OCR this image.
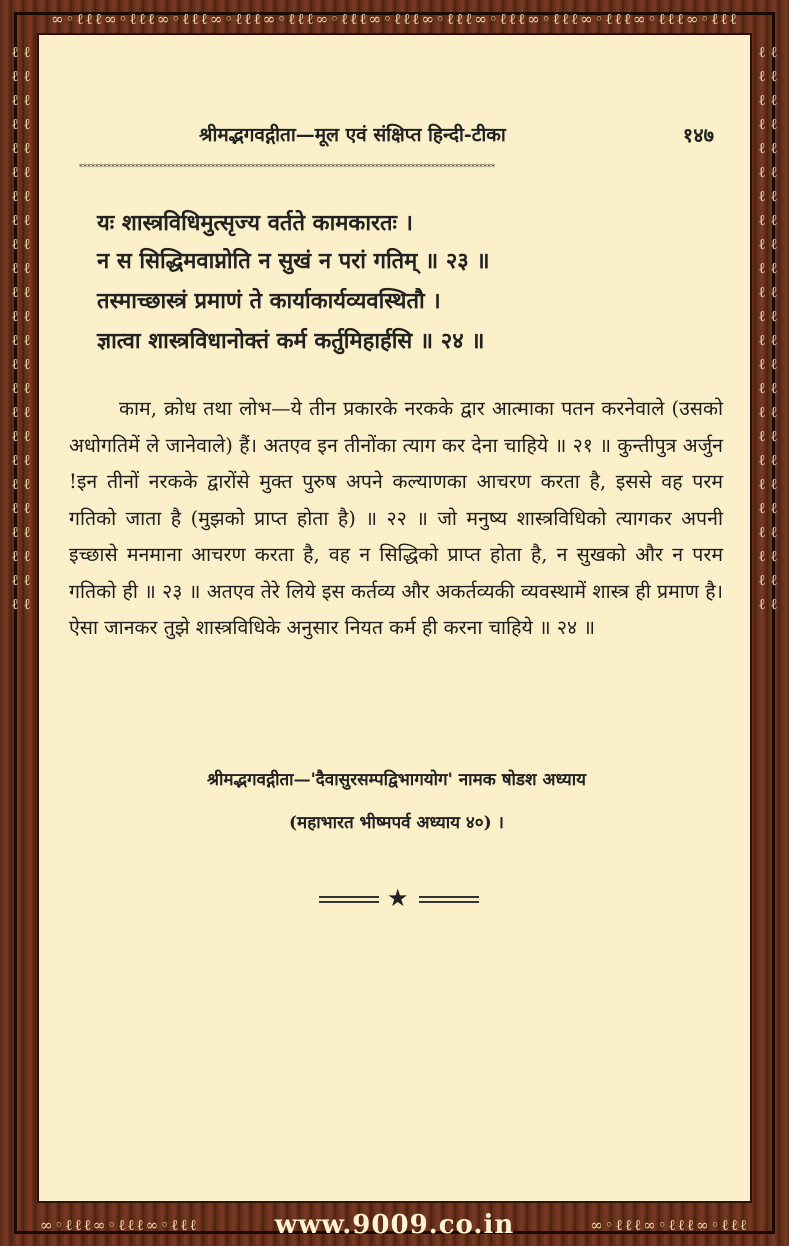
∞◦ℓℓℓ∞◦ℓℓℓ∞◦ℓℓℓ∞◦ℓℓℓ∞◦ℓℓℓ∞◦ℓℓℓ∞◦ℓℓℓ∞◦ℓℓℓ∞◦ℓℓℓ∞◦ℓℓℓ∞◦ℓℓℓ∞◦ℓℓℓ∞◦ℓℓℓ
ℓ ℓ ℓ ℓ ℓ ℓ ℓ ℓ ℓ ℓ ℓ ℓ ℓ ℓ ℓ ℓ ℓ ℓ ℓ ℓ ℓ ℓ ℓ ℓ ℓ ℓ ℓ ℓ ℓ ℓ ℓ ℓ ℓ ℓ ℓ ℓ ℓ ℓ ℓ ℓ ℓ ℓ ℓ ℓ ℓ ℓ ℓ ℓ
ℓ ℓ ℓ ℓ ℓ ℓ ℓ ℓ ℓ ℓ ℓ ℓ ℓ ℓ ℓ ℓ ℓ ℓ ℓ ℓ ℓ ℓ ℓ ℓ ℓ ℓ ℓ ℓ ℓ ℓ ℓ ℓ ℓ ℓ ℓ ℓ ℓ ℓ ℓ ℓ ℓ ℓ ℓ ℓ ℓ ℓ ℓ ℓ
श्रीमद्भगवद्गीता—मूल एवं संक्षिप्त हिन्दी-टीका	१४७
********************************************************************************************************
यः शास्त्रविधिमुत्सृज्य वर्तते कामकारतः ।
न स सिद्धिमवाप्नोति न सुखं न परां गतिम् ॥ २३ ॥
तस्माच्छास्त्रं प्रमाणं ते कार्याकार्यव्यवस्थितौ ।
ज्ञात्वा शास्त्रविधानोक्तं कर्म कर्तुमिहार्हसि ॥ २४ ॥
काम, क्रोध तथा लोभ—ये तीन प्रकारके नरकके द्वार आत्माका पतन करनेवाले (उसको अधोगतिमें ले जानेवाले) हैं। अतएव इन तीनोंका त्याग कर देना चाहिये ॥ २१ ॥ कुन्तीपुत्र अर्जुन !इन तीनों नरकके द्वारोंसे मुक्त पुरुष अपने कल्याणका आचरण करता है, इससे वह परम गतिको जाता है (मुझको प्राप्त होता है) ॥ २२ ॥ जो मनुष्य शास्त्रविधिको त्यागकर अपनी इच्छासे मनमाना आचरण करता है, वह न सिद्धिको प्राप्त होता है, न सुखको और न परम गतिको ही ॥ २३ ॥ अतएव तेरे लिये इस कर्तव्य और अकर्तव्यकी व्यवस्थामें शास्त्र ही प्रमाण है। ऐसा जानकर तुझे शास्त्रविधिके अनुसार नियत कर्म ही करना चाहिये ॥ २४ ॥
श्रीमद्भगवद्गीता—'दैवासुरसम्पद्विभागयोग' नामक षोडश अध्याय
(महाभारत भीष्मपर्व अध्याय ४०) ।
★
∞◦ℓℓℓ∞◦ℓℓℓ∞◦ℓℓℓ	www.9009.co.in	∞◦ℓℓℓ∞◦ℓℓℓ∞◦ℓℓℓ
